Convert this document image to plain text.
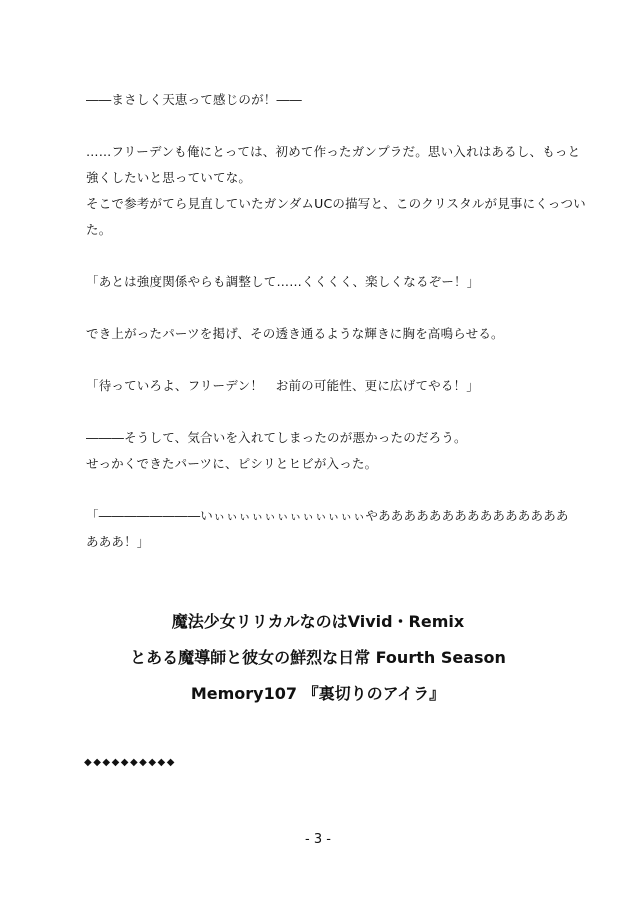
――まさしく天恵って感じのが！――
……フリーデンも俺にとっては、初めて作ったガンプラだ。思い入れはあるし、もっと
強くしたいと思っていてな。
そこで参考がてら見直していたガンダムUCの描写と、このクリスタルが見事にくっつい
た。
「あとは強度関係やらも調整して……くくくく、楽しくなるぞー！」
でき上がったパーツを掲げ、その透き通るような輝きに胸を高鳴らせる。
「待っていろよ、フリーデン！　お前の可能性、更に広げてやる！」
―――そうして、気合いを入れてしまったのが悪かったのだろう。
せっかくできたパーツに、ピシリとヒビが入った。
「――――――――いぃぃぃぃぃぃぃぃぃぃぃぃやあああああああああああああああ
あああ！」
魔法少女リリカルなのはVivid・Remix
とある魔導師と彼女の鮮烈な日常 Fourth Season
Memory107 『裏切りのアイラ』
◆◆◆◆◆◆◆◆◆◆
- 3 -
